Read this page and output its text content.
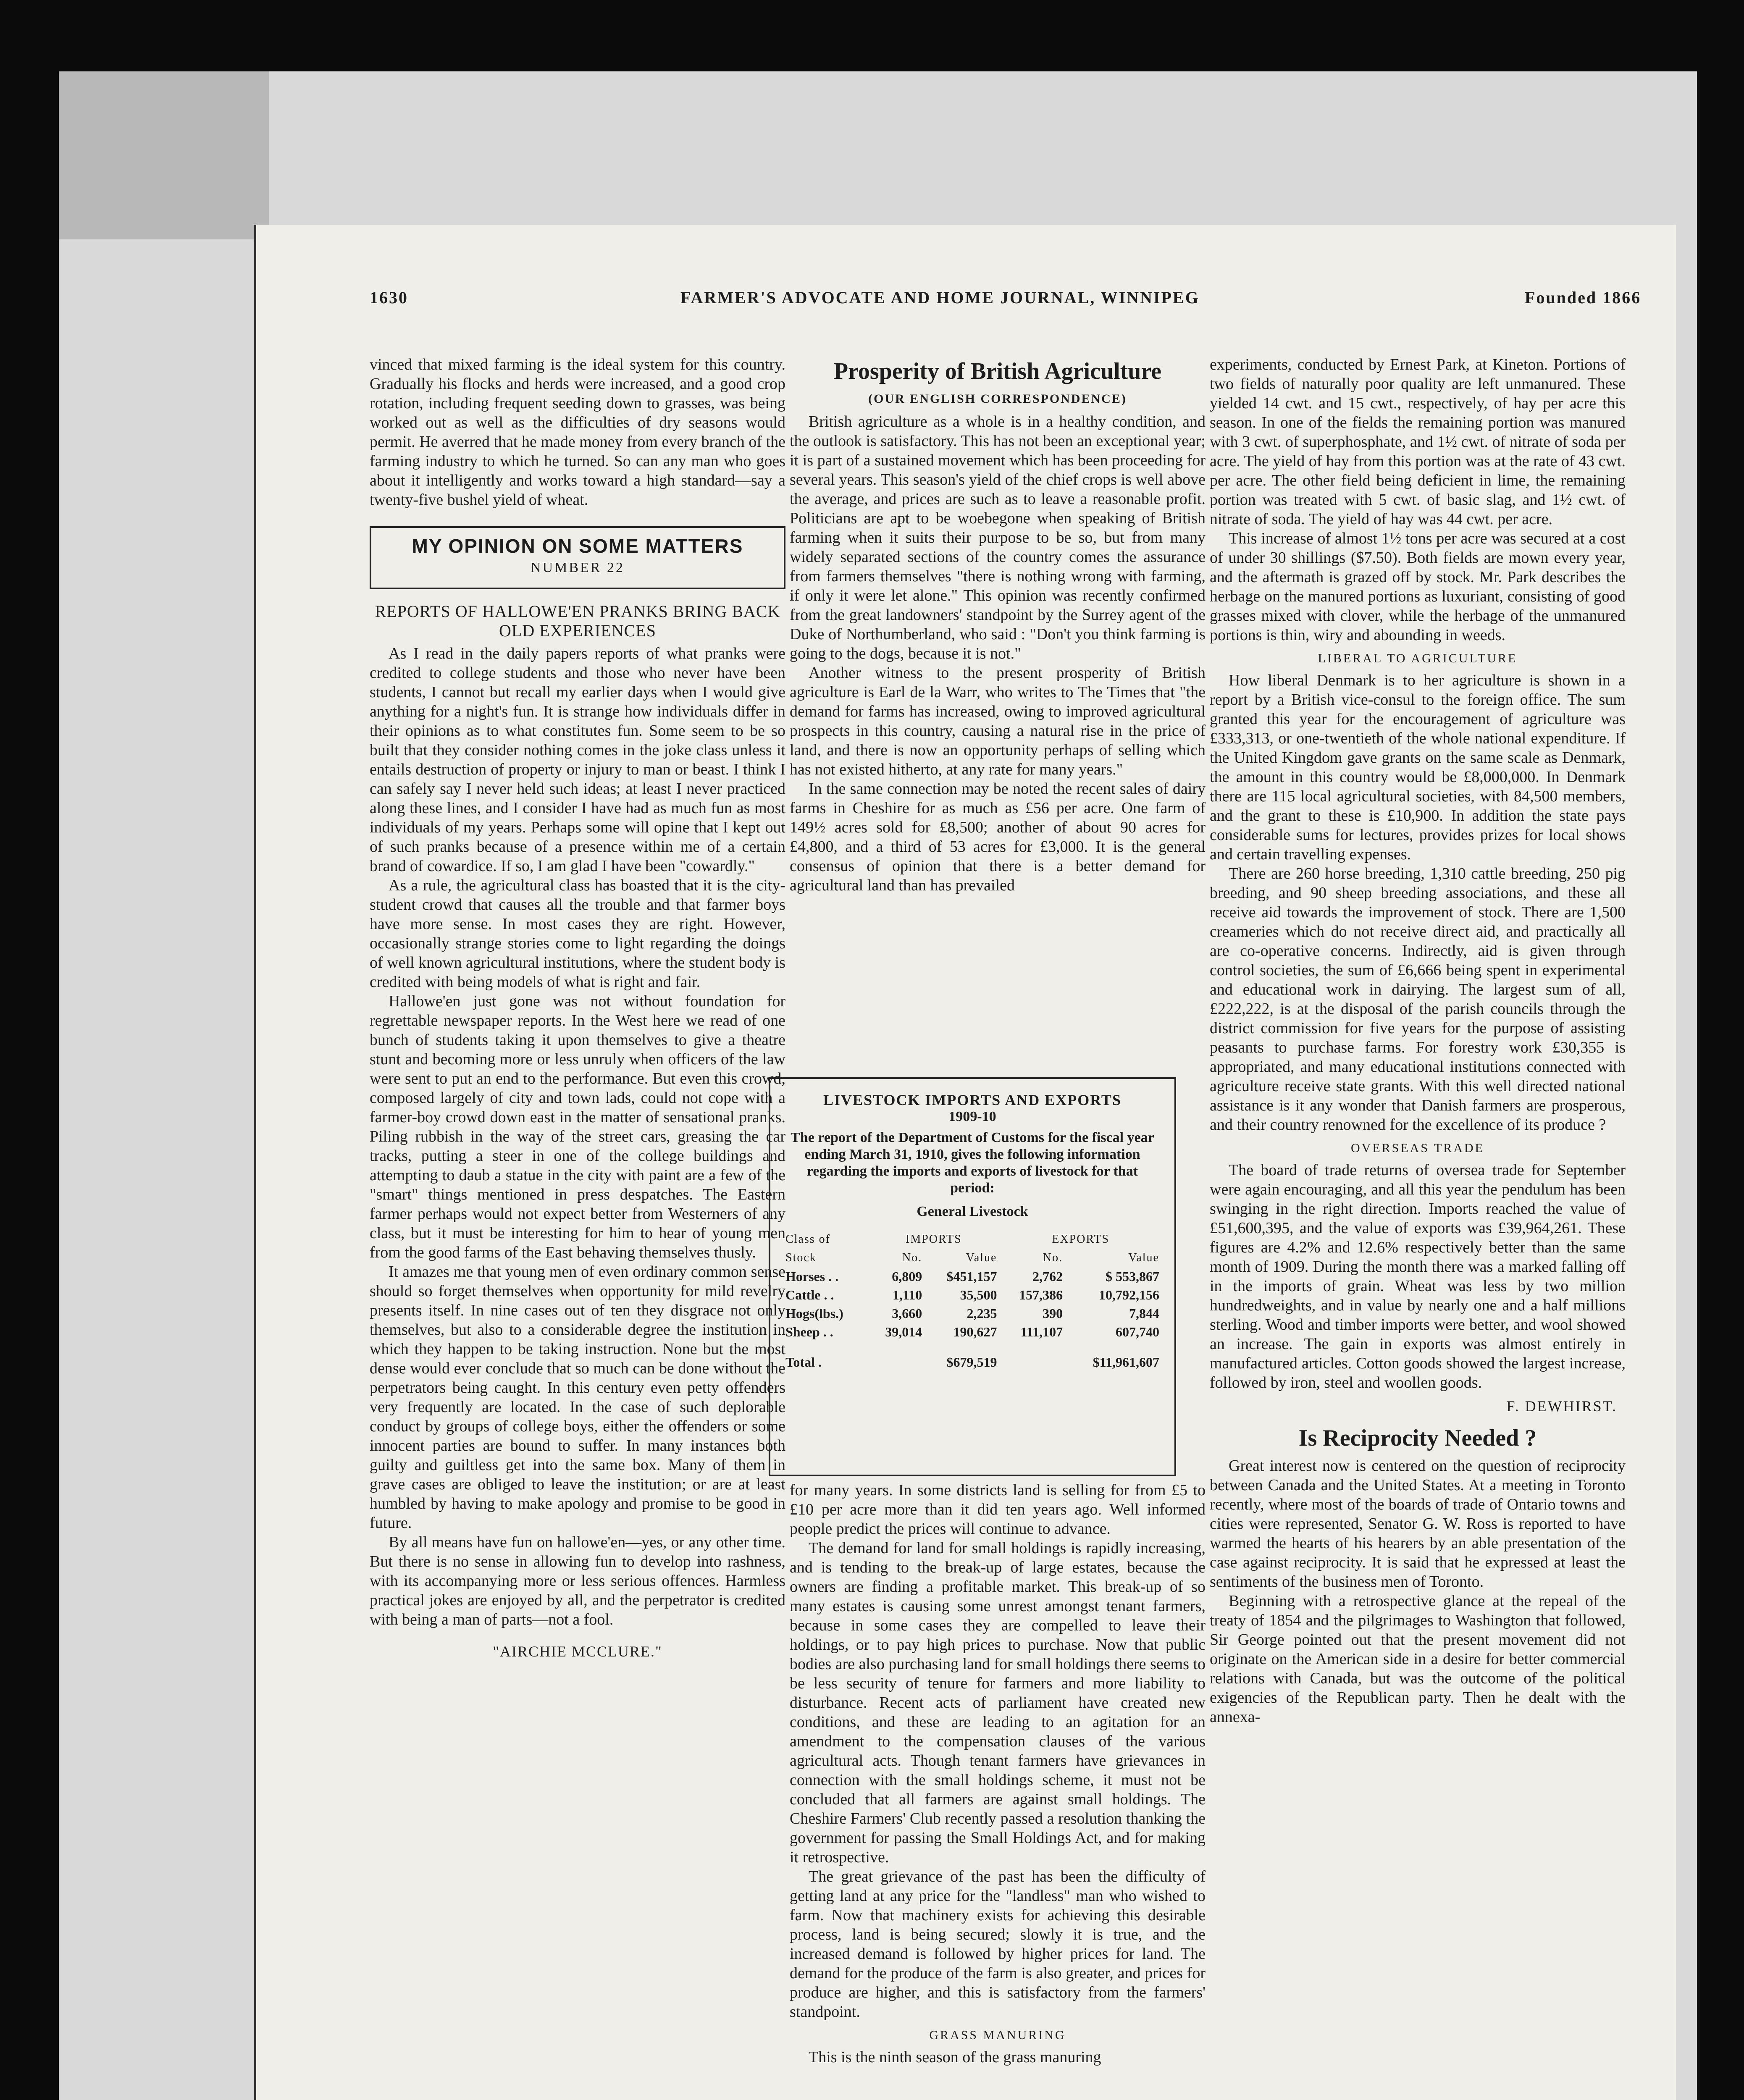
1630	FARMER'S ADVOCATE AND HOME JOURNAL, WINNIPEG	Founded 1866

vinced that mixed farming is the ideal system for this country. Gradually his flocks and herds were increased, and a good crop rotation, including frequent seeding down to grasses, was being worked out as well as the difficulties of dry seasons would permit. He averred that he made money from every branch of the farming industry to which he turned. So can any man who goes about it intelligently and works toward a high standard—say a twenty-five bushel yield of wheat.

MY OPINION ON SOME MATTERS
NUMBER 22
REPORTS OF HALLOWE'EN PRANKS BRING BACK OLD EXPERIENCES

As I read in the daily papers reports of what pranks were credited to college students and those who never have been students, I cannot but recall my earlier days when I would give anything for a night's fun. It is strange how individuals differ in their opinions as to what constitutes fun. Some seem to be so built that they consider nothing comes in the joke class unless it entails destruction of property or injury to man or beast. I think I can safely say I never held such ideas; at least I never practiced along these lines, and I consider I have had as much fun as most individuals of my years. Perhaps some will opine that I kept out of such pranks because of a presence within me of a certain brand of cowardice. If so, I am glad I have been "cowardly."

As a rule, the agricultural class has boasted that it is the city-student crowd that causes all the trouble and that farmer boys have more sense. In most cases they are right. However, occasionally strange stories come to light regarding the doings of well known agricultural institutions, where the student body is credited with being models of what is right and fair.

Hallowe'en just gone was not without foundation for regrettable newspaper reports. In the West here we read of one bunch of students taking it upon themselves to give a theatre stunt and becoming more or less unruly when officers of the law were sent to put an end to the performance. But even this crowd, composed largely of city and town lads, could not cope with a farmer-boy crowd down east in the matter of sensational pranks. Piling rubbish in the way of the street cars, greasing the car tracks, putting a steer in one of the college buildings and attempting to daub a statue in the city with paint are a few of the "smart" things mentioned in press despatches. The Eastern farmer perhaps would not expect better from Westerners of any class, but it must be interesting for him to hear of young men from the good farms of the East behaving themselves thusly.

It amazes me that young men of even ordinary common sense should so forget themselves when opportunity for mild revelry presents itself. In nine cases out of ten they disgrace not only themselves, but also to a considerable degree the institution in which they happen to be taking instruction. None but the most dense would ever conclude that so much can be done without the perpetrators being caught. In this century even petty offenders very frequently are located. In the case of such deplorable conduct by groups of college boys, either the offenders or some innocent parties are bound to suffer. In many instances both guilty and guiltless get into the same box. Many of them in grave cases are obliged to leave the institution; or are at least humbled by having to make apology and promise to be good in future.

By all means have fun on hallowe'en—yes, or any other time. But there is no sense in allowing fun to develop into rashness, with its accompanying more or less serious offences. Harmless practical jokes are enjoyed by all, and the perpetrator is credited with being a man of parts—not a fool.

"AIRCHIE MCCLURE."
Prosperity of British Agriculture
(OUR ENGLISH CORRESPONDENCE)

British agriculture as a whole is in a healthy condition, and the outlook is satisfactory. This has not been an exceptional year; it is part of a sustained movement which has been proceeding for several years. This season's yield of the chief crops is well above the average, and prices are such as to leave a reasonable profit. Politicians are apt to be woebegone when speaking of British farming when it suits their purpose to be so, but from many widely separated sections of the country comes the assurance from farmers themselves "there is nothing wrong with farming, if only it were let alone." This opinion was recently confirmed from the great landowners' standpoint by the Surrey agent of the Duke of Northumberland, who said : "Don't you think farming is going to the dogs, because it is not."

Another witness to the present prosperity of British agriculture is Earl de la Warr, who writes to The Times that "the demand for farms has increased, owing to improved agricultural prospects in this country, causing a natural rise in the price of land, and there is now an opportunity perhaps of selling which has not existed hitherto, at any rate for many years."

In the same connection may be noted the recent sales of dairy farms in Cheshire for as much as £56 per acre. One farm of 149½ acres sold for £8,500; another of about 90 acres for £4,800, and a third of 53 acres for £3,000. It is the general consensus of opinion that there is a better demand for agricultural land than has prevailed

LIVESTOCK IMPORTS AND EXPORTS
1909-10
The report of the Department of Customs for the fiscal year ending March 31, 1910, gives the following information regarding the imports and exports of livestock for that period:
General Livestock
Class of	IMPORTS		EXPORTS	
Stock	No.	Value	No.	Value
Horses . .	6,809	$451,157	2,762	$ 553,867
Cattle . .	1,110	35,500	157,386	10,792,156
Hogs(lbs.)	3,660	2,235	390	7,844
Sheep . .	39,014	190,627	111,107	607,740
Total .		$679,519		$11,961,607

for many years. In some districts land is selling for from £5 to £10 per acre more than it did ten years ago. Well informed people predict the prices will continue to advance.

The demand for land for small holdings is rapidly increasing, and is tending to the break-up of large estates, because the owners are finding a profitable market. This break-up of so many estates is causing some unrest amongst tenant farmers, because in some cases they are compelled to leave their holdings, or to pay high prices to purchase. Now that public bodies are also purchasing land for small holdings there seems to be less security of tenure for farmers and more liability to disturbance. Recent acts of parliament have created new conditions, and these are leading to an agitation for an amendment to the compensation clauses of the various agricultural acts. Though tenant farmers have grievances in connection with the small holdings scheme, it must not be concluded that all farmers are against small holdings. The Cheshire Farmers' Club recently passed a resolution thanking the government for passing the Small Holdings Act, and for making it retrospective.

The great grievance of the past has been the difficulty of getting land at any price for the "landless" man who wished to farm. Now that machinery exists for achieving this desirable process, land is being secured; slowly it is true, and the increased demand is followed by higher prices for land. The demand for the produce of the farm is also greater, and prices for produce are higher, and this is satisfactory from the farmers' standpoint.

GRASS MANURING

This is the ninth season of the grass manuring

experiments, conducted by Ernest Park, at Kineton. Portions of two fields of naturally poor quality are left unmanured. These yielded 14 cwt. and 15 cwt., respectively, of hay per acre this season. In one of the fields the remaining portion was manured with 3 cwt. of superphosphate, and 1½ cwt. of nitrate of soda per acre. The yield of hay from this portion was at the rate of 43 cwt. per acre. The other field being deficient in lime, the remaining portion was treated with 5 cwt. of basic slag, and 1½ cwt. of nitrate of soda. The yield of hay was 44 cwt. per acre.

This increase of almost 1½ tons per acre was secured at a cost of under 30 shillings ($7.50). Both fields are mown every year, and the aftermath is grazed off by stock. Mr. Park describes the herbage on the manured portions as luxuriant, consisting of good grasses mixed with clover, while the herbage of the unmanured portions is thin, wiry and abounding in weeds.

LIBERAL TO AGRICULTURE

How liberal Denmark is to her agriculture is shown in a report by a British vice-consul to the foreign office. The sum granted this year for the encouragement of agriculture was £333,313, or one-twentieth of the whole national expenditure. If the United Kingdom gave grants on the same scale as Denmark, the amount in this country would be £8,000,000. In Denmark there are 115 local agricultural societies, with 84,500 members, and the grant to these is £10,900. In addition the state pays considerable sums for lectures, provides prizes for local shows and certain travelling expenses.

There are 260 horse breeding, 1,310 cattle breeding, 250 pig breeding, and 90 sheep breeding associations, and these all receive aid towards the improvement of stock. There are 1,500 creameries which do not receive direct aid, and practically all are co-operative concerns. Indirectly, aid is given through control societies, the sum of £6,666 being spent in experimental and educational work in dairying. The largest sum of all, £222,222, is at the disposal of the parish councils through the district commission for five years for the purpose of assisting peasants to purchase farms. For forestry work £30,355 is appropriated, and many educational institutions connected with agriculture receive state grants. With this well directed national assistance is it any wonder that Danish farmers are prosperous, and their country renowned for the excellence of its produce ?

OVERSEAS TRADE

The board of trade returns of oversea trade for September were again encouraging, and all this year the pendulum has been swinging in the right direction. Imports reached the value of £51,600,395, and the value of exports was £39,964,261. These figures are 4.2% and 12.6% respectively better than the same month of 1909. During the month there was a marked falling off in the imports of grain. Wheat was less by two million hundredweights, and in value by nearly one and a half millions sterling. Wood and timber imports were better, and wool showed an increase. The gain in exports was almost entirely in manufactured articles. Cotton goods showed the largest increase, followed by iron, steel and woollen goods.

F. DEWHIRST.
Is Reciprocity Needed ?

Great interest now is centered on the question of reciprocity between Canada and the United States. At a meeting in Toronto recently, where most of the boards of trade of Ontario towns and cities were represented, Senator G. W. Ross is reported to have warmed the hearts of his hearers by an able presentation of the case against reciprocity. It is said that he expressed at least the sentiments of the business men of Toronto.

Beginning with a retrospective glance at the repeal of the treaty of 1854 and the pilgrimages to Washington that followed, Sir George pointed out that the present movement did not originate on the American side in a desire for better commercial relations with Canada, but was the outcome of the political exigencies of the Republican party. Then he dealt with the annexa-
